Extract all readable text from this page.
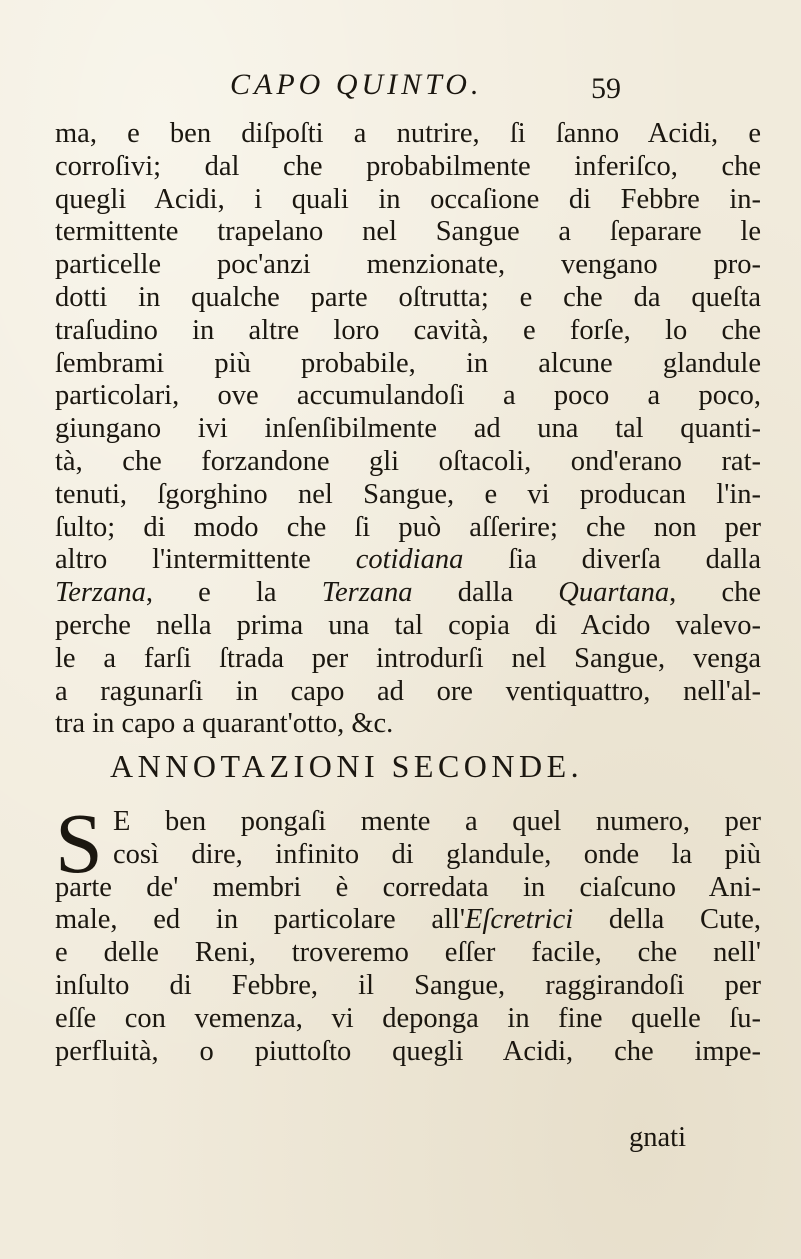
CAPO QUINTO.	59
ma, e ben diſpoſti a nutrire, ſi ſanno Acidi, e
corroſivi; dal che probabilmente inferiſco, che
quegli Acidi, i quali in occaſione di Febbre in-
termittente trapelano nel Sangue a ſeparare le
particelle poc'anzi menzionate, vengano pro-
dotti in qualche parte oſtrutta; e che da queſta
traſudino in altre loro cavità, e forſe, lo che
ſembrami più probabile, in alcune glandule
particolari, ove accumulandoſi a poco a poco,
giungano ivi inſenſibilmente ad una tal quanti-
tà, che forzandone gli oſtacoli, ond'erano rat-
tenuti, ſgorghino nel Sangue, e vi producan l'in-
ſulto; di modo che ſi può aſſerire; che non per
altro l'intermittente cotidiana ſia diverſa dalla
Terzana, e la Terzana dalla Quartana, che
perche nella prima una tal copia di Acido valevo-
le a farſi ſtrada per introdurſi nel Sangue, venga
a ragunarſi in capo ad ore ventiquattro, nell'al-
tra in capo a quarant'otto, &c.
ANNOTAZIONI SECONDE.
S E ben pongaſi mente a quel numero, per
così dire, infinito di glandule, onde la più
parte de' membri è corredata in ciaſcuno Ani-
male, ed in particolare all'Eſcretrici della Cute,
e delle Reni, troveremo eſſer facile, che nell'
inſulto di Febbre, il Sangue, raggirandoſi per
eſſe con vemenza, vi deponga in fine quelle ſu-
perfluità, o piuttoſto quegli Acidi, che impe-
gnati
